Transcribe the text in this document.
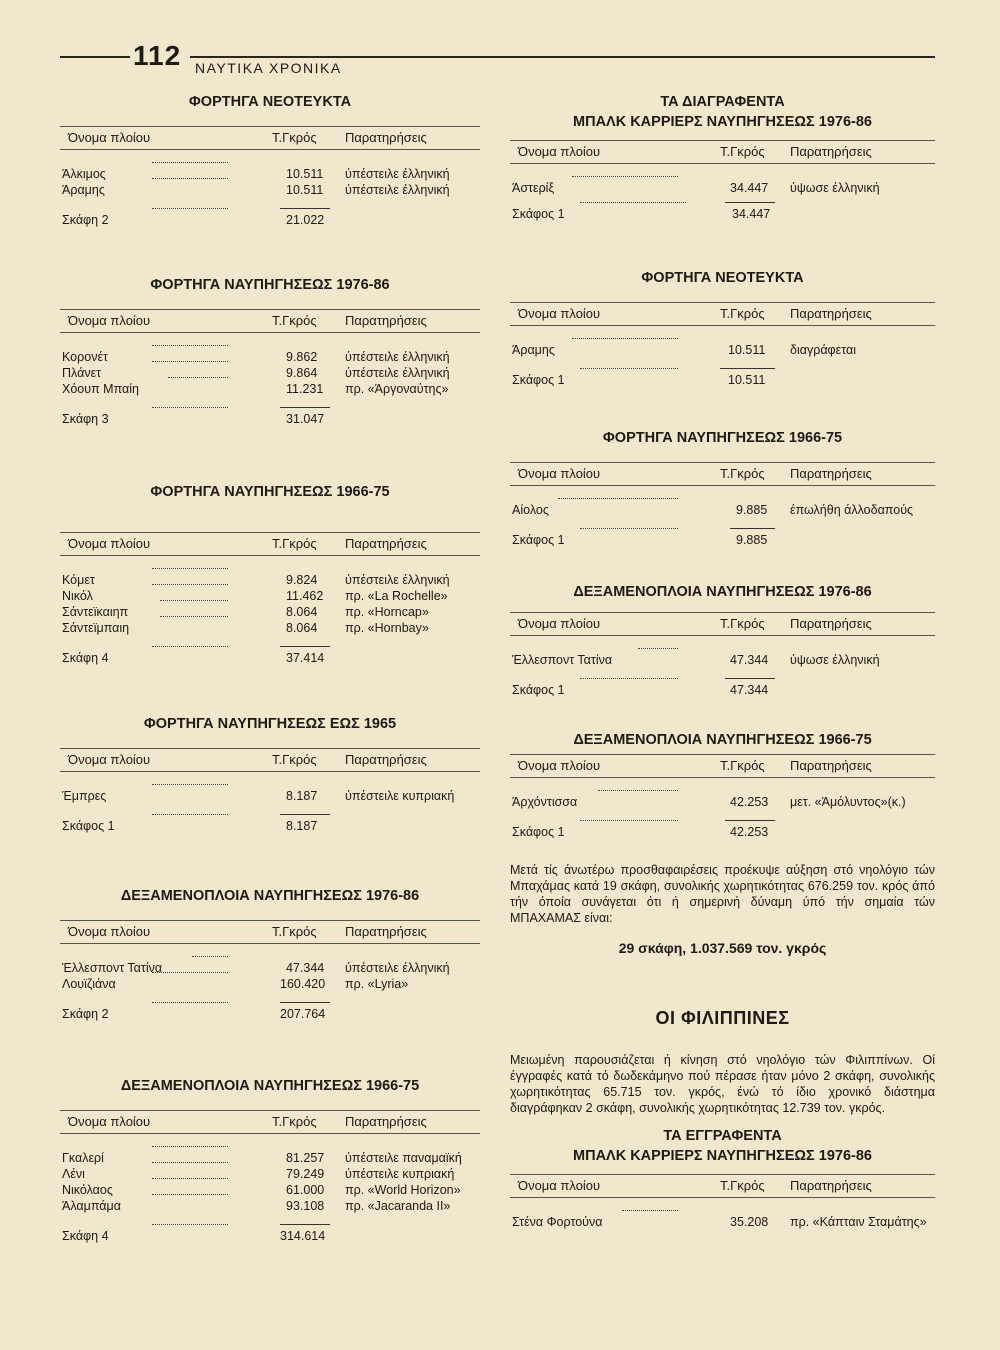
112 ΝΑΥΤΙΚΑ ΧΡΟΝΙΚΑ
ΦΟΡΤΗΓΑ ΝΕΟΤΕΥΚΤΑ
Όνομα πλοίου	Τ.Γκρός Παρατηρήσεις
Άλκιμος	10.511 ύπέστειλε έλληνική
Άραμης	10.511 ύπέστειλε έλληνική
Σκάφη 2	21.022
ΦΟΡΤΗΓΑ ΝΑΥΠΗΓΗΣΕΩΣ 1976-86
Όνομα πλοίου	Τ.Γκρός Παρατηρήσεις
Κορονέτ	9.862 ύπέστειλε έλληνική
Πλάνετ	9.864 ύπέστειλε έλληνική
Χόουπ Μπαίη	11.231 πρ. «Άργοναύτης»
Σκάφη 3	31.047
ΦΟΡΤΗΓΑ ΝΑΥΠΗΓΗΣΕΩΣ 1966-75
Όνομα πλοίου	Τ.Γκρός Παρατηρήσεις
Κόμετ	9.824 ύπέστειλε έλληνική
Νικόλ	11.462 πρ. «La Rochelle»
Σάντεϊκαιηπ	8.064 πρ. «Horncap»
Σάντεϊμπαιη	8.064 πρ. «Hornbay»
Σκάφη 4	37.414
ΦΟΡΤΗΓΑ ΝΑΥΠΗΓΗΣΕΩΣ ΕΩΣ 1965
Όνομα πλοίου	Τ.Γκρός Παρατηρήσεις
Έμπρες	8.187 ύπέστειλε κυπριακή
Σκάφος 1	8.187
ΔΕΞΑΜΕΝΟΠΛΟΙΑ ΝΑΥΠΗΓΗΣΕΩΣ 1976-86
Όνομα πλοίου	Τ.Γκρός Παρατηρήσεις
Έλλεσποντ Τατίνα	47.344 ύπέστειλε έλληνική
Λουϊζιάνα	160.420 πρ. «Lyria»
Σκάφη 2	207.764
ΔΕΞΑΜΕΝΟΠΛΟΙΑ ΝΑΥΠΗΓΗΣΕΩΣ 1966-75
Όνομα πλοίου	Τ.Γκρός Παρατηρήσεις
Γκαλερί	81.257 ύπέστειλε παναμαϊκή
Λένι	79.249 ύπέστειλε κυπριακή
Νικόλαος	61.000 πρ. «World Horizon»
Άλαμπάμα	93.108 πρ. «Jacaranda II»
Σκάφη 4	314.614
ΤΑ ΔΙΑΓΡΑΦΕΝΤΑ
ΜΠΑΛΚ ΚΑΡΡΙΕΡΣ ΝΑΥΠΗΓΗΣΕΩΣ 1976-86
Όνομα πλοίου	Τ.Γκρός Παρατηρήσεις
Άστερίξ	34.447 ύψωσε έλληνική
Σκάφος 1	34.447
ΦΟΡΤΗΓΑ ΝΕΟΤΕΥΚΤΑ
Όνομα πλοίου	Τ.Γκρός Παρατηρήσεις
Άραμης	10.511 διαγράφεται
Σκάφος 1	10.511
ΦΟΡΤΗΓΑ ΝΑΥΠΗΓΗΣΕΩΣ 1966-75
Όνομα πλοίου	Τ.Γκρός Παρατηρήσεις
Αίολος	9.885 έπωλήθη άλλοδαπούς
Σκάφος 1	9.885
ΔΕΞΑΜΕΝΟΠΛΟΙΑ ΝΑΥΠΗΓΗΣΕΩΣ 1976-86
Όνομα πλοίου	Τ.Γκρός Παρατηρήσεις
Έλλεσποντ Τατίνα	47.344 ύψωσε έλληνική
Σκάφος 1	47.344
ΔΕΞΑΜΕΝΟΠΛΟΙΑ ΝΑΥΠΗΓΗΣΕΩΣ 1966-75
Όνομα πλοίου	Τ.Γκρός Παρατηρήσεις
Άρχόντισσα	42.253 μετ. «Άμόλυντος»(κ.)
Σκάφος 1	42.253
Μετά τίς άνωτέρω προσθαφαιρέσεις προέκυψε αύξηση στό νηολόγιο τών Μπαχάμας κατά 19 σκάφη, συνολικής χωρητικότητας 676.259 τον. κρός άπό τήν όποία συνάγεται ότι ή σημερινή δύναμη ύπό τήν σημαία τών ΜΠΑΧΑΜΑΣ είναι:
29 σκάφη, 1.037.569 τον. γκρός
ΟΙ ΦΙΛΙΠΠΙΝΕΣ
Μειωμένη παρουσιάζεται ή κίνηση στό νηολόγιο τών Φιλιππίνων. Οί έγγραφές κατά τό δωδεκάμηνο πού πέρασε ήταν μόνο 2 σκάφη, συνολικής χωρητικότητας 65.715 τον. γκρός, ένώ τό ίδιο χρονικό διάστημα διαγράφηκαν 2 σκάφη, συνολικής χωρητικότητας 12.739 τον. γκρός.
ΤΑ ΕΓΓΡΑΦΕΝΤΑ
ΜΠΑΛΚ ΚΑΡΡΙΕΡΣ ΝΑΥΠΗΓΗΣΕΩΣ 1976-86
Όνομα πλοίου	Τ.Γκρός Παρατηρήσεις
Στένα Φορτούνα	35.208 πρ. «Κάπταιν Σταμάτης»
